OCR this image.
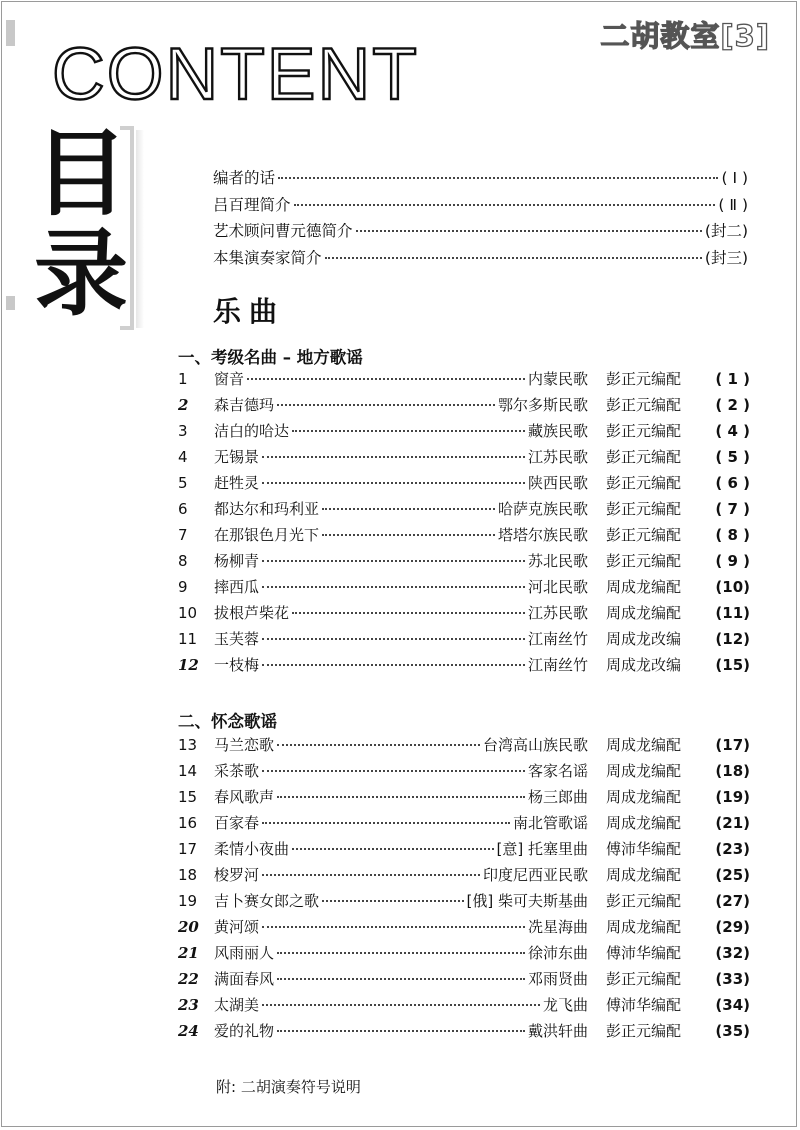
二胡教室[3]
CONTENT
目
录
编者的话	( Ⅰ )
吕百理简介	( Ⅱ )
艺术顾问曹元德简介	(封二)
本集演奏家简介	(封三)
乐曲
一、考级名曲 – 地方歌谣
1	窗音	内蒙民歌 彭正元编配	( 1 )
2	森吉德玛	鄂尔多斯民歌 彭正元编配	( 2 )
3	洁白的哈达	藏族民歌 彭正元编配	( 4 )
4	无锡景	江苏民歌 彭正元编配	( 5 )
5	赶牲灵	陕西民歌 彭正元编配	( 6 )
6	都达尔和玛利亚	哈萨克族民歌 彭正元编配	( 7 )
7	在那银色月光下	塔塔尔族民歌 彭正元编配	( 8 )
8	杨柳青	苏北民歌 彭正元编配	( 9 )
9	摔西瓜	河北民歌 周成龙编配	(10)
10	拔根芦柴花	江苏民歌 周成龙编配	(11)
11	玉芙蓉	江南丝竹 周成龙改编	(12)
12	一枝梅	江南丝竹 周成龙改编	(15)
二、怀念歌谣
13	马兰恋歌	台湾高山族民歌 周成龙编配	(17)
14	采茶歌	客家名谣 周成龙编配	(18)
15	春风歌声	杨三郎曲 周成龙编配	(19)
16	百家春	南北管歌谣 周成龙编配	(21)
17	柔情小夜曲	[意] 托塞里曲 傅沛华编配	(23)
18	梭罗河	印度尼西亚民歌 周成龙编配	(25)
19	吉卜赛女郎之歌	[俄] 柴可夫斯基曲 彭正元编配	(27)
20	黄河颂	冼星海曲 周成龙编配	(29)
21	风雨丽人	徐沛东曲 傅沛华编配	(32)
22	满面春风	邓雨贤曲 彭正元编配	(33)
23	太湖美	龙飞曲 傅沛华编配	(34)
24	爱的礼物	戴洪轩曲 彭正元编配	(35)
附: 二胡演奏符号说明
